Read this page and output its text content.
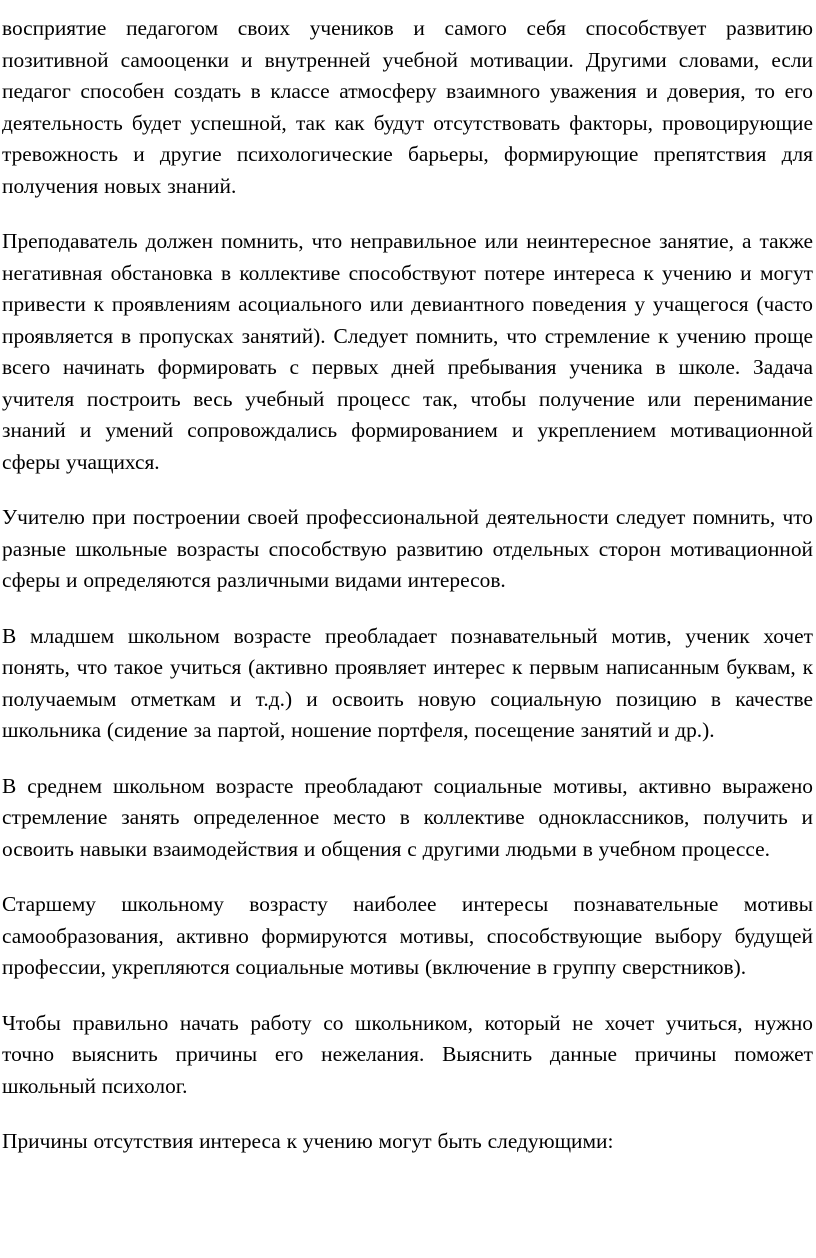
восприятие педагогом своих учеников и самого себя способствует развитию позитивной самооценки и внутренней учебной мотивации. Другими словами, если педагог способен создать в классе атмосферу взаимного уважения и доверия, то его деятельность будет успешной, так как будут отсутствовать факторы, провоцирующие тревожность и другие психологические барьеры, формирующие препятствия для получения новых знаний.

Преподаватель должен помнить, что неправильное или неинтересное занятие, а также негативная обстановка в коллективе способствуют потере интереса к учению и могут привести к проявлениям асоциального или девиантного поведения у учащегося (часто проявляется в пропусках занятий). Следует помнить, что стремление к учению проще всего начинать формировать с первых дней пребывания ученика в школе. Задача учителя построить весь учебный процесс так, чтобы получение или перенимание знаний и умений сопровождались формированием и укреплением мотивационной сферы учащихся.

Учителю при построении своей профессиональной деятельности следует помнить, что разные школьные возрасты способствую развитию отдельных сторон мотивационной сферы и определяются различными видами интересов.

В младшем школьном возрасте преобладает познавательный мотив, ученик хочет понять, что такое учиться (активно проявляет интерес к первым написанным буквам, к получаемым отметкам и т.д.) и освоить новую социальную позицию в качестве школьника (сидение за партой, ношение портфеля, посещение занятий и др.).

В среднем школьном возрасте преобладают социальные мотивы, активно выражено стремление занять определенное место в коллективе одноклассников, получить и освоить навыки взаимодействия и общения с другими людьми в учебном процессе.

Старшему школьному возрасту наиболее интересы познавательные мотивы самообразования, активно формируются мотивы, способствующие выбору будущей профессии, укрепляются социальные мотивы (включение в группу сверстников).

Чтобы правильно начать работу со школьником, который не хочет учиться, нужно точно выяснить причины его нежелания. Выяснить данные причины поможет школьный психолог.

Причины отсутствия интереса к учению могут быть следующими:
